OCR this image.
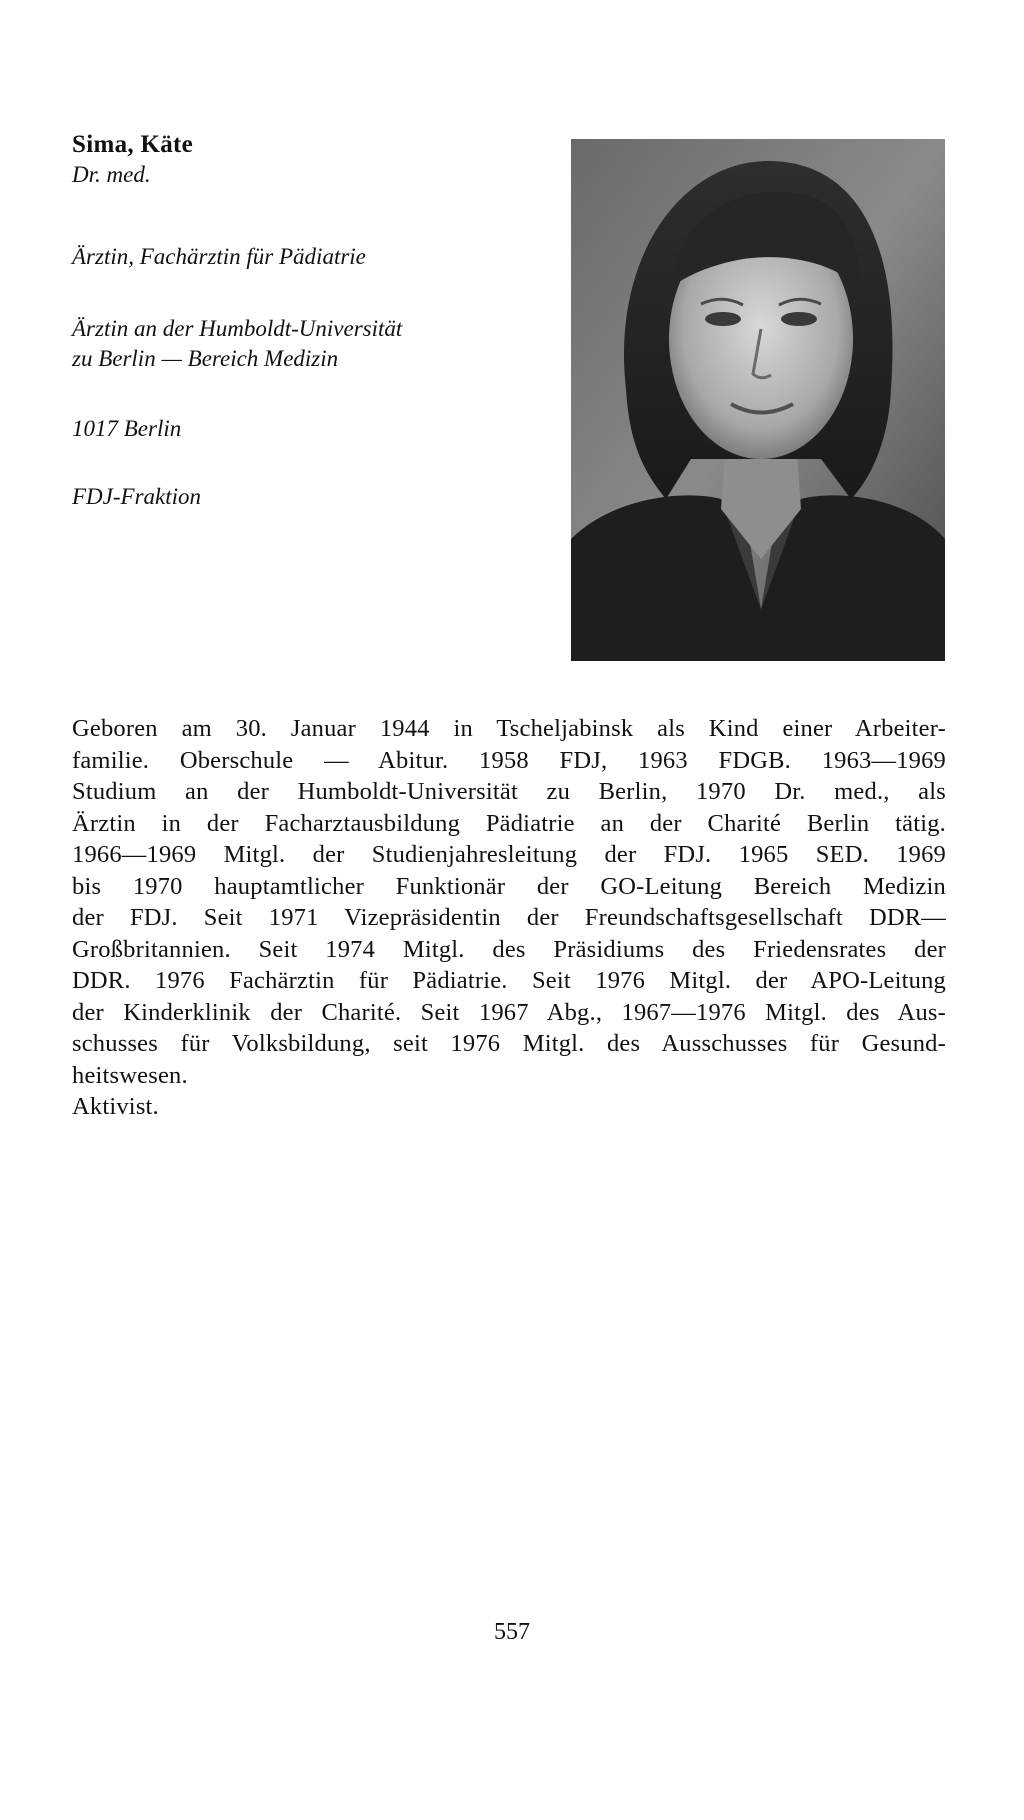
Sima, Käte
Dr. med.
Ärztin, Fachärztin für Pädiatrie
Ärztin an der Humboldt-Universität
zu Berlin — Bereich Medizin
1017 Berlin
FDJ-Fraktion
Geboren am 30. Januar 1944 in Tscheljabinsk als Kind einer Arbeiter-
familie. Oberschule — Abitur. 1958 FDJ, 1963 FDGB. 1963—1969
Studium an der Humboldt-Universität zu Berlin, 1970 Dr. med., als
Ärztin in der Facharztausbildung Pädiatrie an der Charité Berlin tätig.
1966—1969 Mitgl. der Studienjahresleitung der FDJ. 1965 SED. 1969
bis 1970 hauptamtlicher Funktionär der GO-Leitung Bereich Medizin
der FDJ. Seit 1971 Vizepräsidentin der Freundschaftsgesellschaft DDR—
Großbritannien. Seit 1974 Mitgl. des Präsidiums des Friedensrates der
DDR. 1976 Fachärztin für Pädiatrie. Seit 1976 Mitgl. der APO-Leitung
der Kinderklinik der Charité. Seit 1967 Abg., 1967—1976 Mitgl. des Aus-
schusses für Volksbildung, seit 1976 Mitgl. des Ausschusses für Gesund-
heitswesen.
Aktivist.
557
